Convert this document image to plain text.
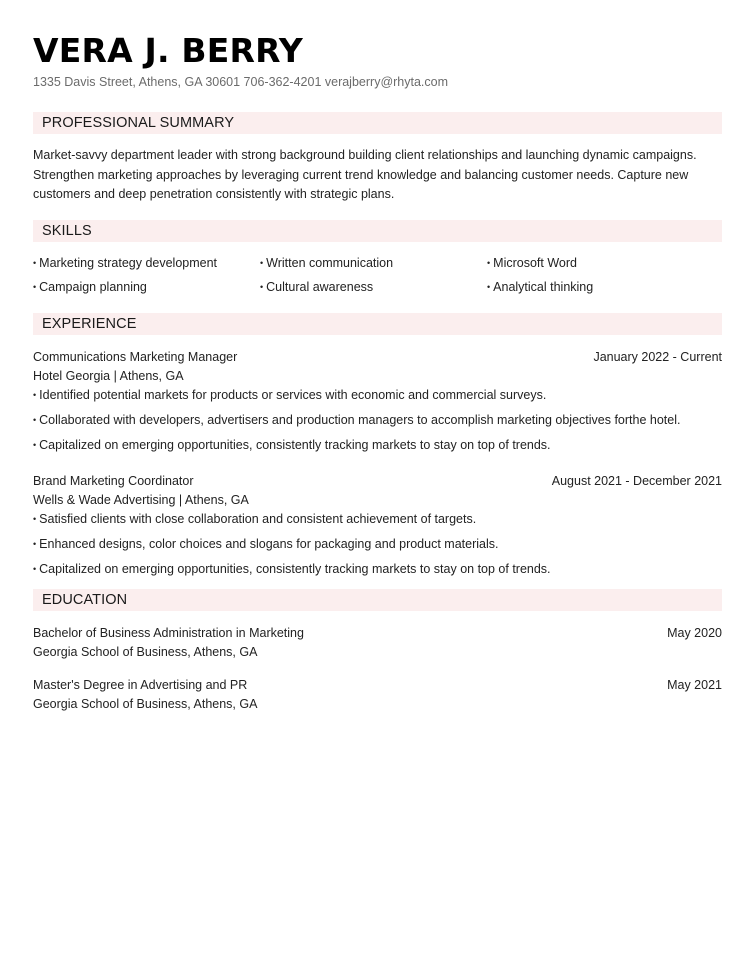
VERA J. BERRY
1335 Davis Street, Athens, GA 30601 706-362-4201 verajberry@rhyta.com
PROFESSIONAL SUMMARY
Market-savvy department leader with strong background building client relationships and launching dynamic campaigns. Strengthen marketing approaches by leveraging current trend knowledge and balancing customer needs. Capture new customers and deep penetration consistently with strategic plans.
SKILLS
• Marketing strategy development	• Written communication	• Microsoft Word
• Campaign planning	• Cultural awareness	• Analytical thinking
EXPERIENCE
Communications Marketing Manager	January 2022 - Current
Hotel Georgia | Athens, GA
• Identified potential markets for products or services with economic and commercial surveys.
• Collaborated with developers, advertisers and production managers to accomplish marketing objectives forthe hotel.
• Capitalized on emerging opportunities, consistently tracking markets to stay on top of trends.
Brand Marketing Coordinator	August 2021 - December 2021
Wells & Wade Advertising | Athens, GA
• Satisfied clients with close collaboration and consistent achievement of targets.
• Enhanced designs, color choices and slogans for packaging and product materials.
• Capitalized on emerging opportunities, consistently tracking markets to stay on top of trends.
EDUCATION
Bachelor of Business Administration in Marketing	May 2020
Georgia School of Business, Athens, GA
Master's Degree in Advertising and PR	May 2021
Georgia School of Business, Athens, GA
